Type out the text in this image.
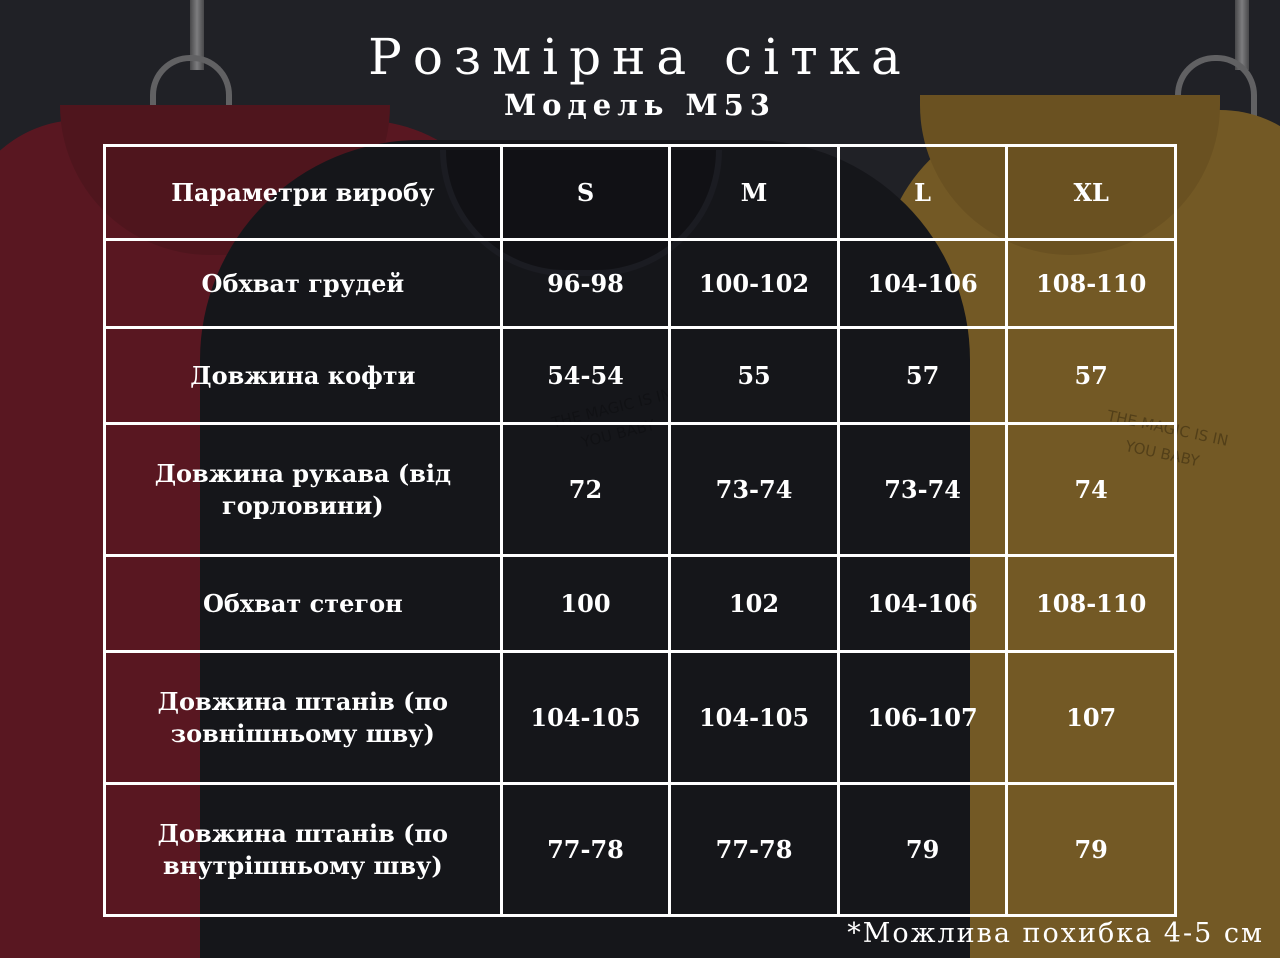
THE MAGIC IS IN YOU BABY	THE MAGIC IS IN YOU BABY
Розмірна сітка
Модель М53
Параметри виробу	S	M	L	XL
Обхват грудей	96-98	100-102	104-106	108-110
Довжина кофти	54-54	55	57	57
Довжина рукава (від горловини)	72	73-74	73-74	74
Обхват стегон	100	102	104-106	108-110
Довжина штанів (по зовнішньому шву)	104-105	104-105	106-107	107
Довжина штанів (по внутрішньому шву)	77-78	77-78	79	79

*Можлива похибка 4-5 см
